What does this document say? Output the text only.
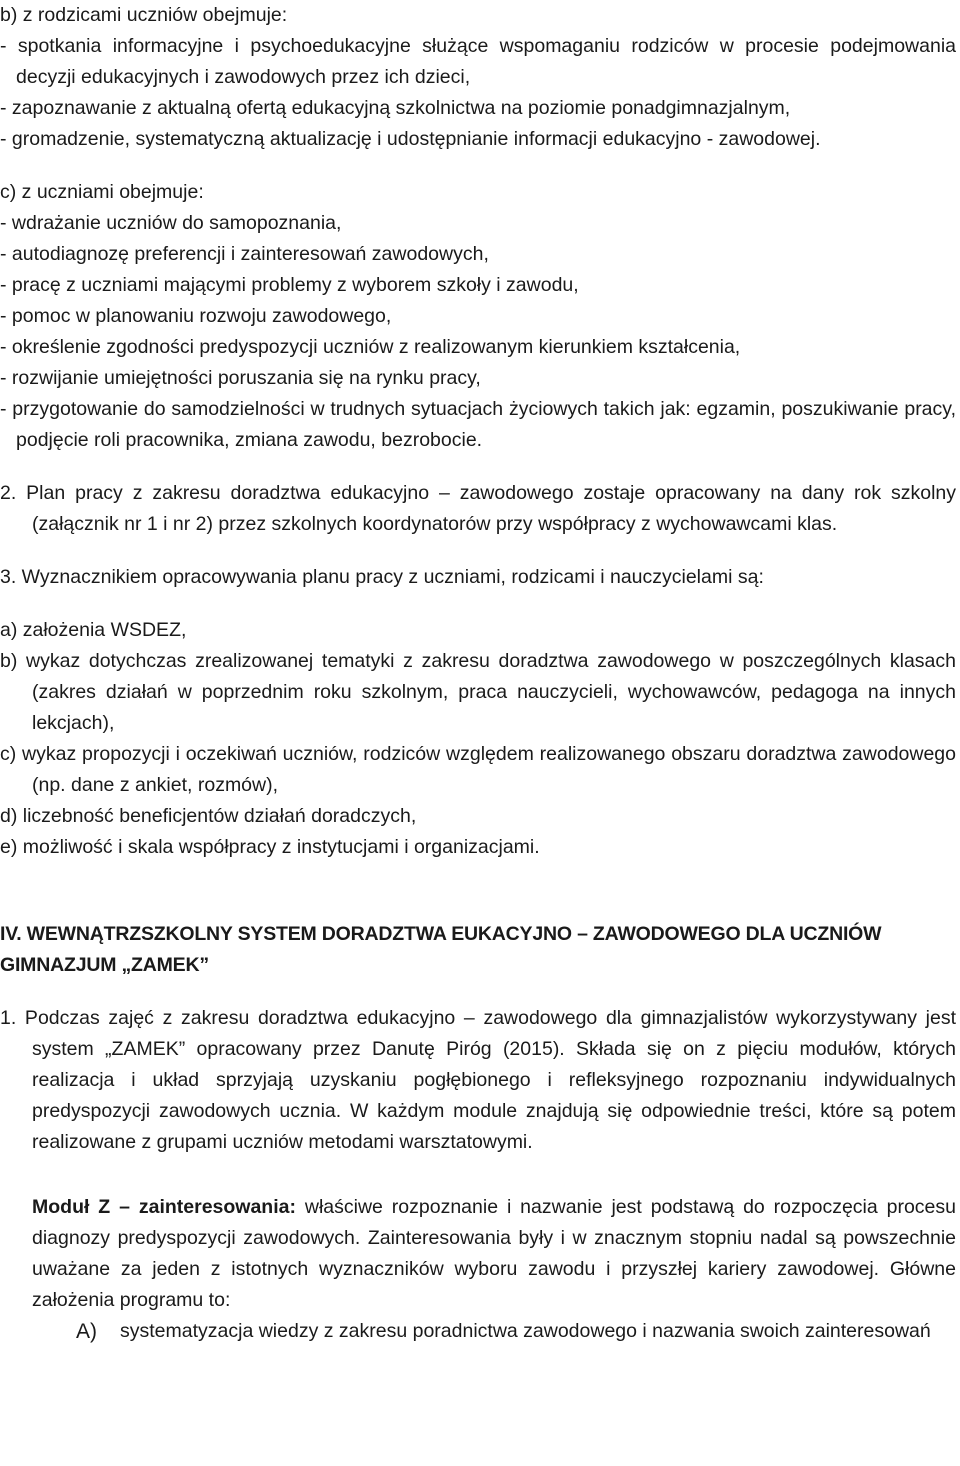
b) z rodzicami uczniów obejmuje:

- spotkania informacyjne i psychoedukacyjne służące wspomaganiu rodziców w procesie podejmowania decyzji edukacyjnych i zawodowych przez ich dzieci,

- zapoznawanie z aktualną ofertą edukacyjną szkolnictwa na poziomie ponadgimnazjalnym,

- gromadzenie, systematyczną aktualizację i udostępnianie informacji edukacyjno - zawodowej.

c) z uczniami obejmuje:

- wdrażanie uczniów do samopoznania,

- autodiagnozę preferencji i zainteresowań zawodowych,

- pracę z uczniami mającymi problemy z wyborem szkoły i zawodu,

- pomoc w planowaniu rozwoju zawodowego,

- określenie zgodności predyspozycji uczniów z realizowanym kierunkiem kształcenia,

- rozwijanie umiejętności poruszania się na rynku pracy,

- przygotowanie do samodzielności w trudnych sytuacjach życiowych takich jak: egzamin, poszukiwanie pracy, podjęcie roli pracownika, zmiana zawodu, bezrobocie.

2. Plan pracy z zakresu doradztwa edukacyjno – zawodowego zostaje opracowany na dany rok szkolny (załącznik nr 1 i nr 2) przez szkolnych koordynatorów przy współpracy z wychowawcami klas.

3. Wyznacznikiem opracowywania planu pracy z uczniami, rodzicami i nauczycielami są:

a) założenia WSDEZ,

b) wykaz dotychczas zrealizowanej tematyki z zakresu doradztwa zawodowego w poszczególnych klasach (zakres działań w poprzednim roku szkolnym, praca nauczycieli, wychowawców, pedagoga na innych lekcjach),

c) wykaz propozycji i oczekiwań uczniów, rodziców względem realizowanego obszaru doradztwa zawodowego (np. dane z ankiet, rozmów),

d) liczebność beneficjentów działań doradczych,

e) możliwość i skala współpracy z instytucjami i organizacjami.

IV. WEWNĄTRZSZKOLNY SYSTEM DORADZTWA EUKACYJNO – ZAWODOWEGO DLA UCZNIÓW GIMNAZJUM „ZAMEK”

1. Podczas zajęć z zakresu doradztwa edukacyjno – zawodowego dla gimnazjalistów wykorzystywany jest system „ZAMEK” opracowany przez Danutę Piróg (2015). Składa się on z pięciu modułów, których realizacja i układ sprzyjają uzyskaniu pogłębionego i refleksyjnego rozpoznaniu indywidualnych predyspozycji zawodowych ucznia. W każdym module znajdują się odpowiednie treści, które są potem realizowane z grupami uczniów metodami warsztatowymi.

Moduł Z – zainteresowania: właściwe rozpoznanie i nazwanie jest podstawą do rozpoczęcia procesu diagnozy predyspozycji zawodowych. Zainteresowania były i w znacznym stopniu nadal są powszechnie uważane za jeden z istotnych wyznaczników wyboru zawodu i przyszłej kariery zawodowej. Główne założenia programu to:

A)	systematyzacja wiedzy z zakresu poradnictwa zawodowego i nazwania swoich zainteresowań
